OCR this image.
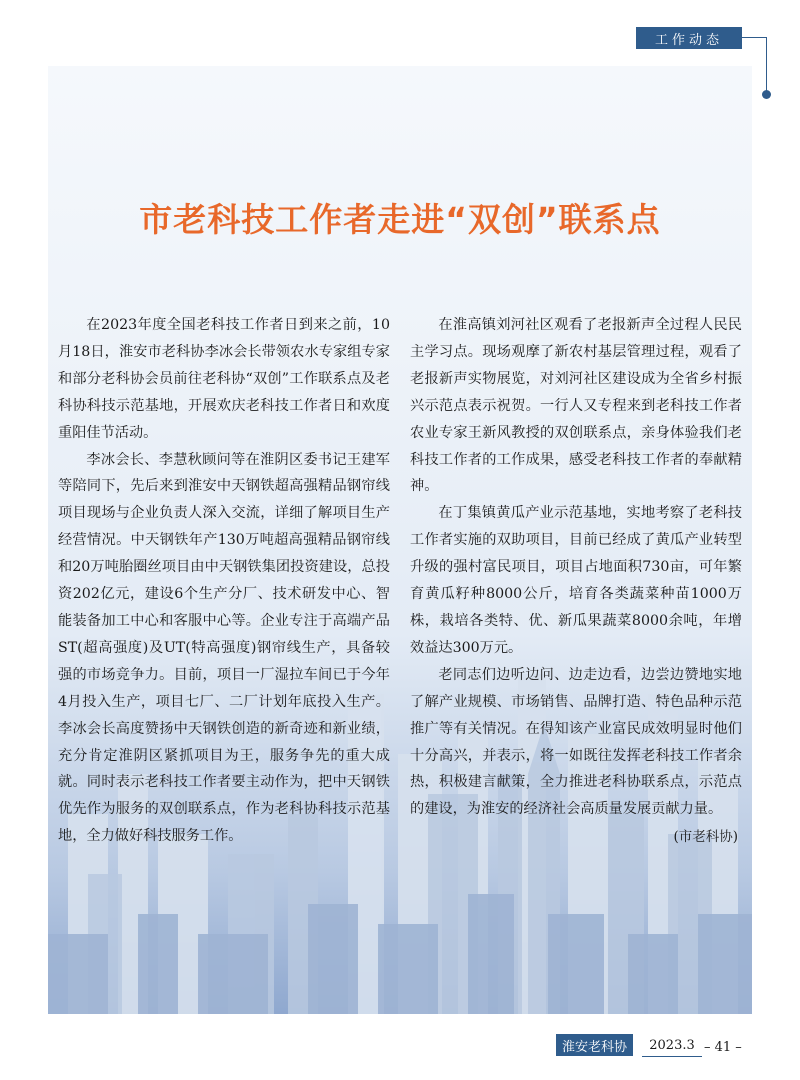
工作动态
市老科技工作者走进“双创”联系点

在2023年度全国老科技工作者日到来之前，10月18日，淮安市老科协李冰会长带领农水专家组专家和部分老科协会员前往老科协“双创”工作联系点及老科协科技示范基地，开展欢庆老科技工作者日和欢度重阳佳节活动。

李冰会长、李慧秋顾问等在淮阴区委书记王建军等陪同下，先后来到淮安中天钢铁超高强精品钢帘线项目现场与企业负责人深入交流，详细了解项目生产经营情况。中天钢铁年产130万吨超高强精品钢帘线和20万吨胎圈丝项目由中天钢铁集团投资建设，总投资202亿元，建设6个生产分厂、技术研发中心、智能装备加工中心和客服中心等。企业专注于高端产品ST(超高强度)及UT(特高强度)钢帘线生产，具备较强的市场竞争力。目前，项目一厂湿拉车间已于今年4月投入生产，项目七厂、二厂计划年底投入生产。李冰会长高度赞扬中天钢铁创造的新奇迹和新业绩，充分肯定淮阴区紧抓项目为王，服务争先的重大成就。同时表示老科技工作者要主动作为，把中天钢铁优先作为服务的双创联系点，作为老科协科技示范基地，全力做好科技服务工作。

在淮高镇刘河社区观看了老报新声全过程人民民主学习点。现场观摩了新农村基层管理过程，观看了老报新声实物展览，对刘河社区建设成为全省乡村振兴示范点表示祝贺。一行人又专程来到老科技工作者农业专家王新风教授的双创联系点，亲身体验我们老科技工作者的工作成果，感受老科技工作者的奉献精神。

在丁集镇黄瓜产业示范基地，实地考察了老科技工作者实施的双助项目，目前已经成了黄瓜产业转型升级的强村富民项目，项目占地面积730亩，可年繁育黄瓜籽种8000公斤，培育各类蔬菜种苗1000万株，栽培各类特、优、新瓜果蔬菜8000余吨，年增效益达300万元。

老同志们边听边问、边走边看，边尝边赞地实地了解产业规模、市场销售、品牌打造、特色品种示范推广等有关情况。在得知该产业富民成效明显时他们十分高兴，并表示，将一如既往发挥老科技工作者余热，积极建言献策，全力推进老科协联系点，示范点的建设，为淮安的经济社会高质量发展贡献力量。

(市老科协)
淮安老科协	2023.3 – 41 –
